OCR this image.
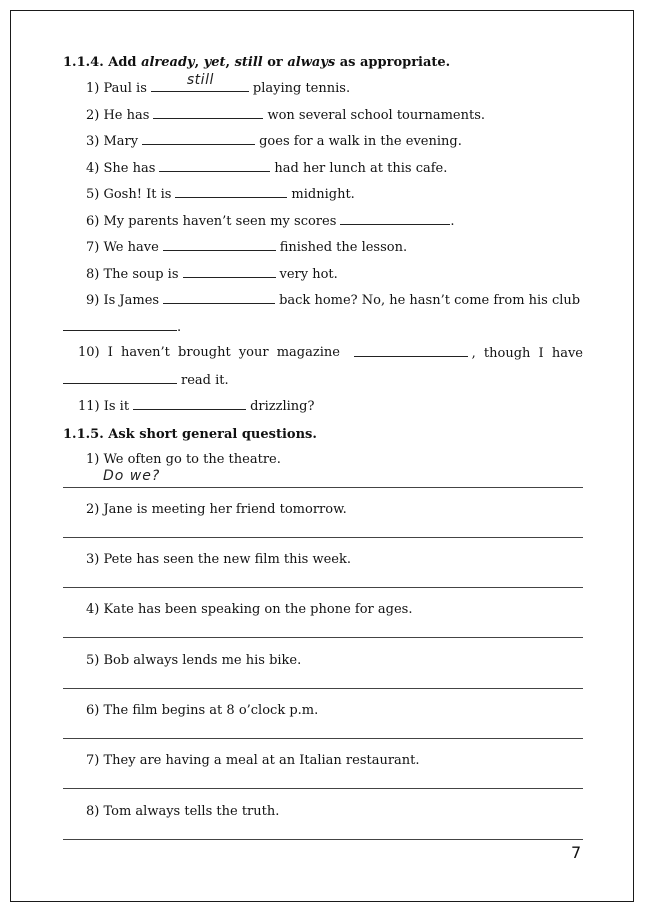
1.1.4. Add already, yet, still or always as appropriate.
1) Paul is
still
playing tennis.
2) He has	won several school tournaments.
3) Mary	goes for a walk in the evening.
4) She has	had her lunch at this cafe.
5) Gosh! It is	midnight.
6) My parents haven’t seen my scores	.
7) We have	finished the lesson.
8) The soup is	very hot.
9) Is James	back home? No, he hasn’t come from his club
.
10) I haven’t brought your magazine	, though I have
read it.
11) Is it	drizzling?
1.1.5. Ask short general questions.
1) We often go to the theatre.
Do we?
2) Jane is meeting her friend tomorrow.
3) Pete has seen the new film this week.
4) Kate has been speaking on the phone for ages.
5) Bob always lends me his bike.
6) The film begins at 8 o’clock p.m.
7) They are having a meal at an Italian restaurant.
8) Tom always tells the truth.
7
